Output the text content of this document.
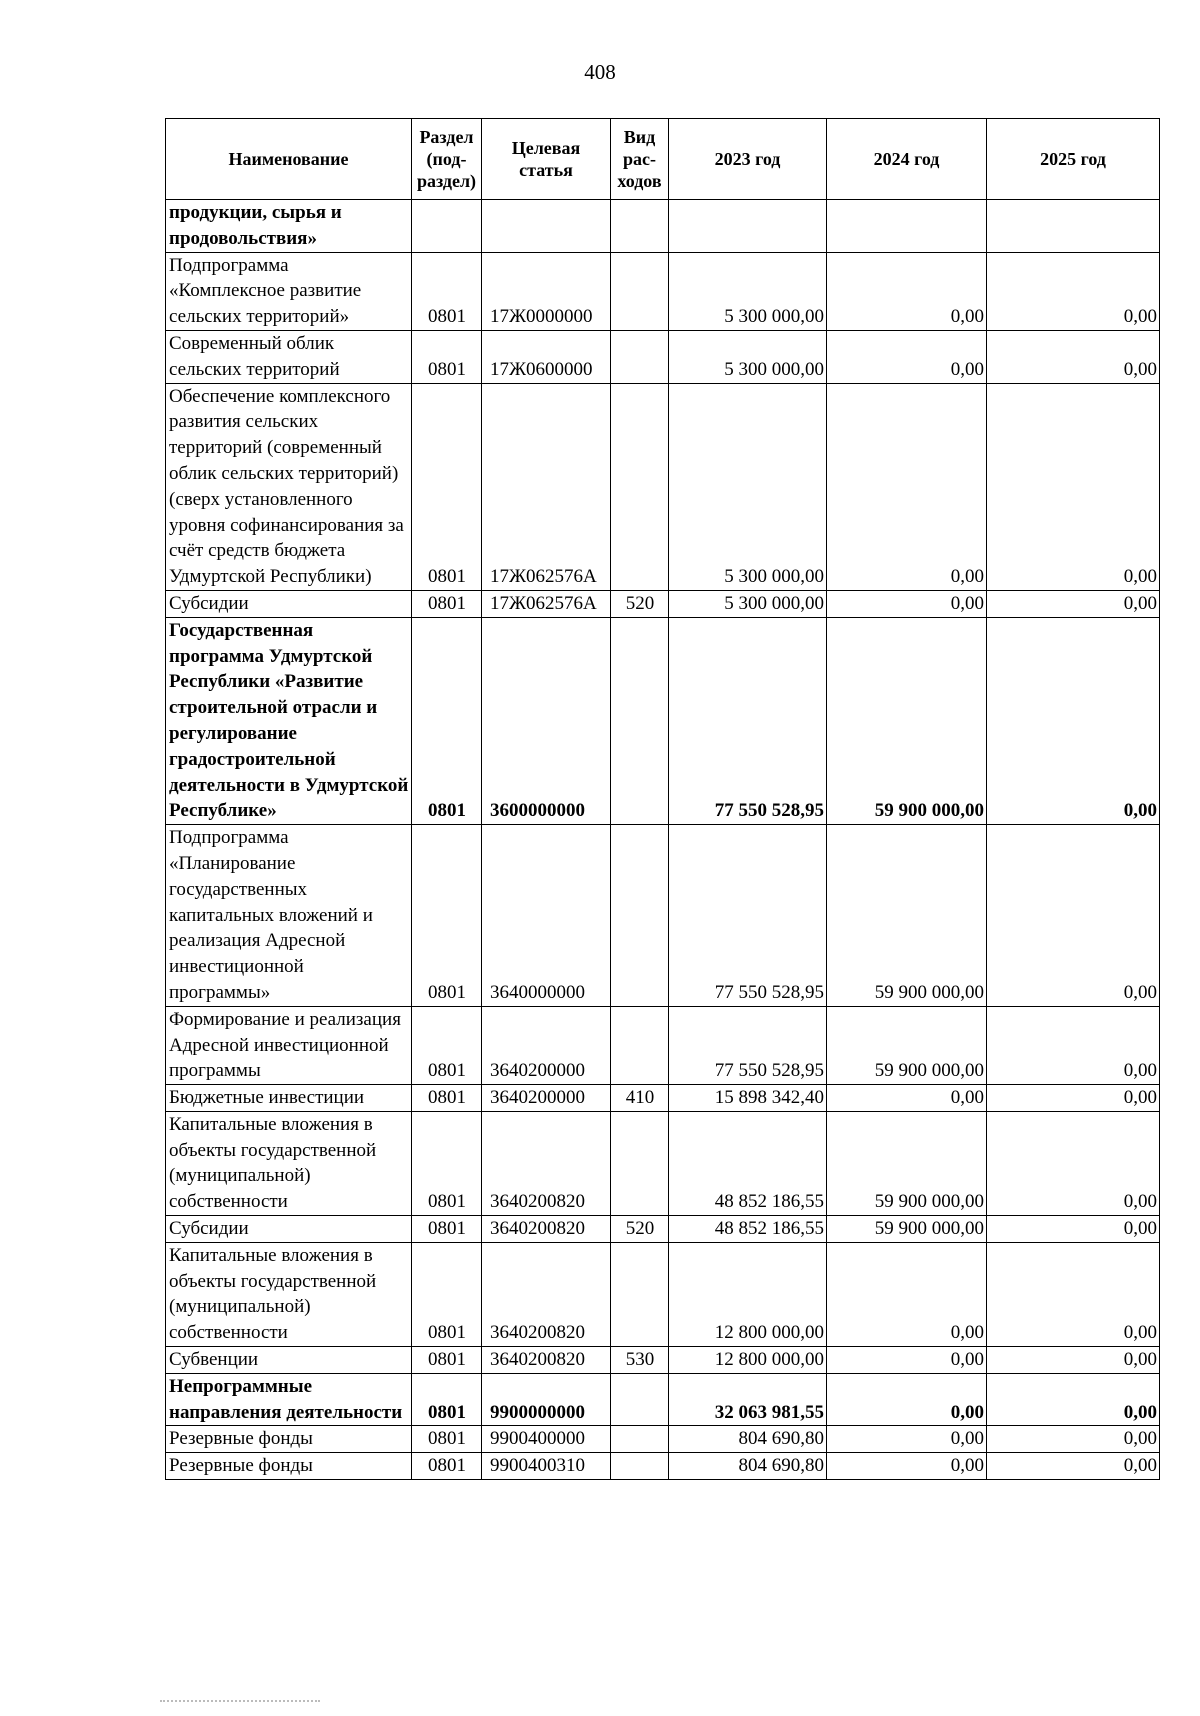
408
Наименование	Раздел (под-раздел)	Целевая статья	Вид рас-ходов	2023 год	2024 год	2025 год
продукции, сырья и продовольствия»						
Подпрограмма «Комплексное развитие сельских территорий»	0801	17Ж0000000		5 300 000,00	0,00	0,00
Современный облик сельских территорий	0801	17Ж0600000		5 300 000,00	0,00	0,00
Обеспечение комплексного развития сельских территорий (современный облик сельских территорий) (сверх установленного уровня софинансирования за счёт средств бюджета Удмуртской Республики)	0801	17Ж062576А		5 300 000,00	0,00	0,00
Субсидии	0801	17Ж062576А	520	5 300 000,00	0,00	0,00
Государственная программа Удмуртской Республики «Развитие строительной отрасли и регулирование градостроительной деятельности в Удмуртской Республике»	0801	3600000000		77 550 528,95	59 900 000,00	0,00
Подпрограмма «Планирование государственных капитальных вложений и реализация Адресной инвестиционной программы»	0801	3640000000		77 550 528,95	59 900 000,00	0,00
Формирование и реализация Адресной инвестиционной программы	0801	3640200000		77 550 528,95	59 900 000,00	0,00
Бюджетные инвестиции	0801	3640200000	410	15 898 342,40	0,00	0,00
Капитальные вложения в объекты государственной (муниципальной) собственности	0801	3640200820		48 852 186,55	59 900 000,00	0,00
Субсидии	0801	3640200820	520	48 852 186,55	59 900 000,00	0,00
Капитальные вложения в объекты государственной (муниципальной) собственности	0801	3640200820		12 800 000,00	0,00	0,00
Субвенции	0801	3640200820	530	12 800 000,00	0,00	0,00
Непрограммные направления деятельности	0801	9900000000		32 063 981,55	0,00	0,00
Резервные фонды	0801	9900400000		804 690,80	0,00	0,00
Резервные фонды	0801	9900400310		804 690,80	0,00	0,00
